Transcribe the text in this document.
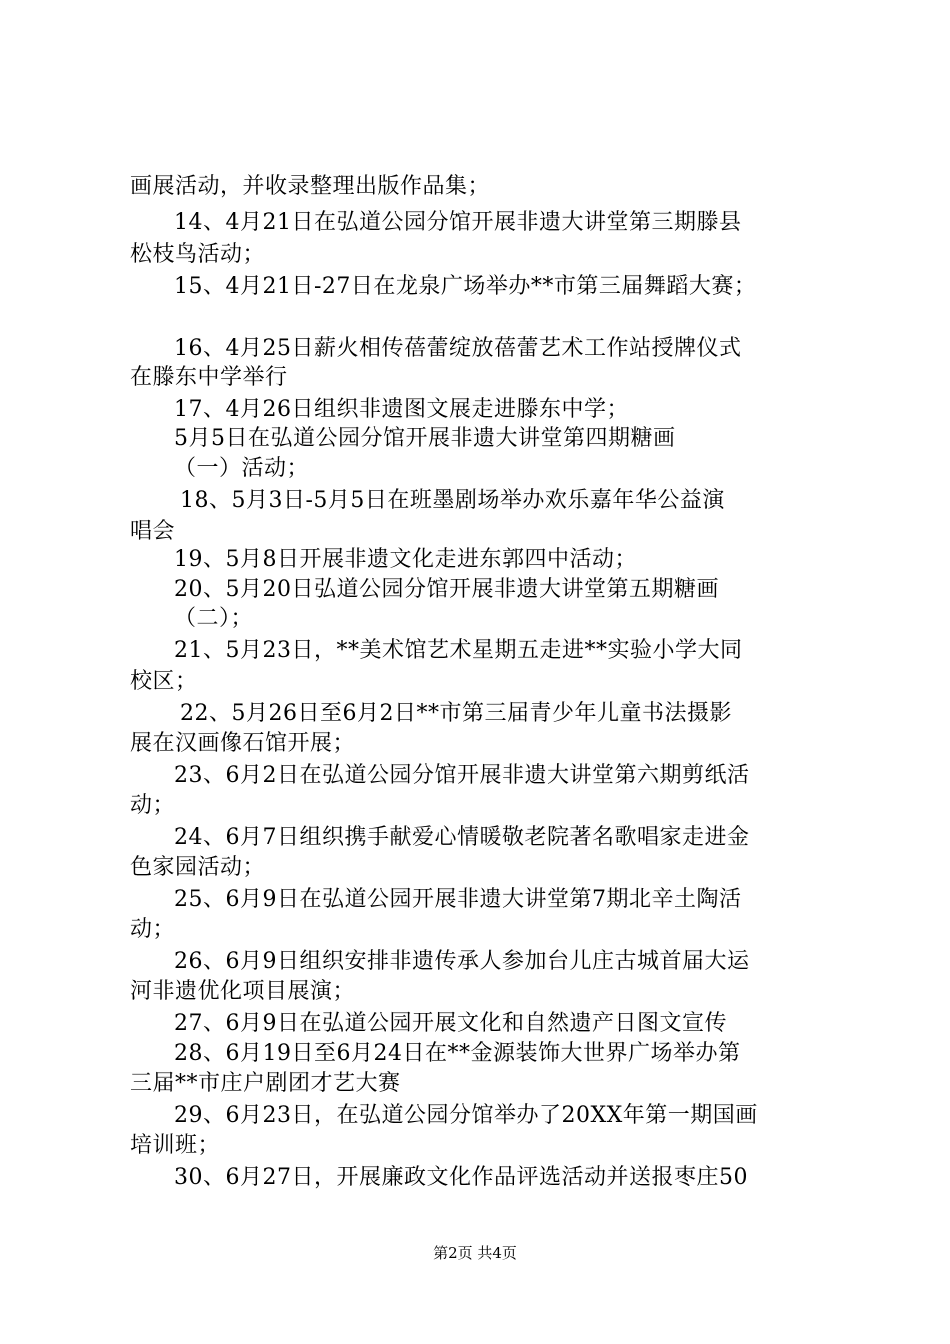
画展活动，并收录整理出版作品集；
14、4月21日在弘道公园分馆开展非遗大讲堂第三期滕县
松枝鸟活动；
15、4月21日-27日在龙泉广场举办**市第三届舞蹈大赛；
16、4月25日薪火相传蓓蕾绽放蓓蕾艺术工作站授牌仪式
在滕东中学举行
17、4月26日组织非遗图文展走进滕东中学；
5月5日在弘道公园分馆开展非遗大讲堂第四期糖画
（一）活动；
18、5月3日-5月5日在班墨剧场举办欢乐嘉年华公益演
唱会
19、5月8日开展非遗文化走进东郭四中活动；
20、5月20日弘道公园分馆开展非遗大讲堂第五期糖画
（二）；
21、5月23日，**美术馆艺术星期五走进**实验小学大同
校区；
22、5月26日至6月2日**市第三届青少年儿童书法摄影
展在汉画像石馆开展；
23、6月2日在弘道公园分馆开展非遗大讲堂第六期剪纸活
动；
24、6月7日组织携手献爱心情暖敬老院著名歌唱家走进金
色家园活动；
25、6月9日在弘道公园开展非遗大讲堂第7期北辛土陶活
动；
26、6月9日组织安排非遗传承人参加台儿庄古城首届大运
河非遗优化项目展演；
27、6月9日在弘道公园开展文化和自然遗产日图文宣传
28、6月19日至6月24日在**金源装饰大世界广场举办第
三届**市庄户剧团才艺大赛
29、6月23日，在弘道公园分馆举办了20XX年第一期国画
培训班；
30、6月27日，开展廉政文化作品评选活动并送报枣庄50
第2页 共4页
